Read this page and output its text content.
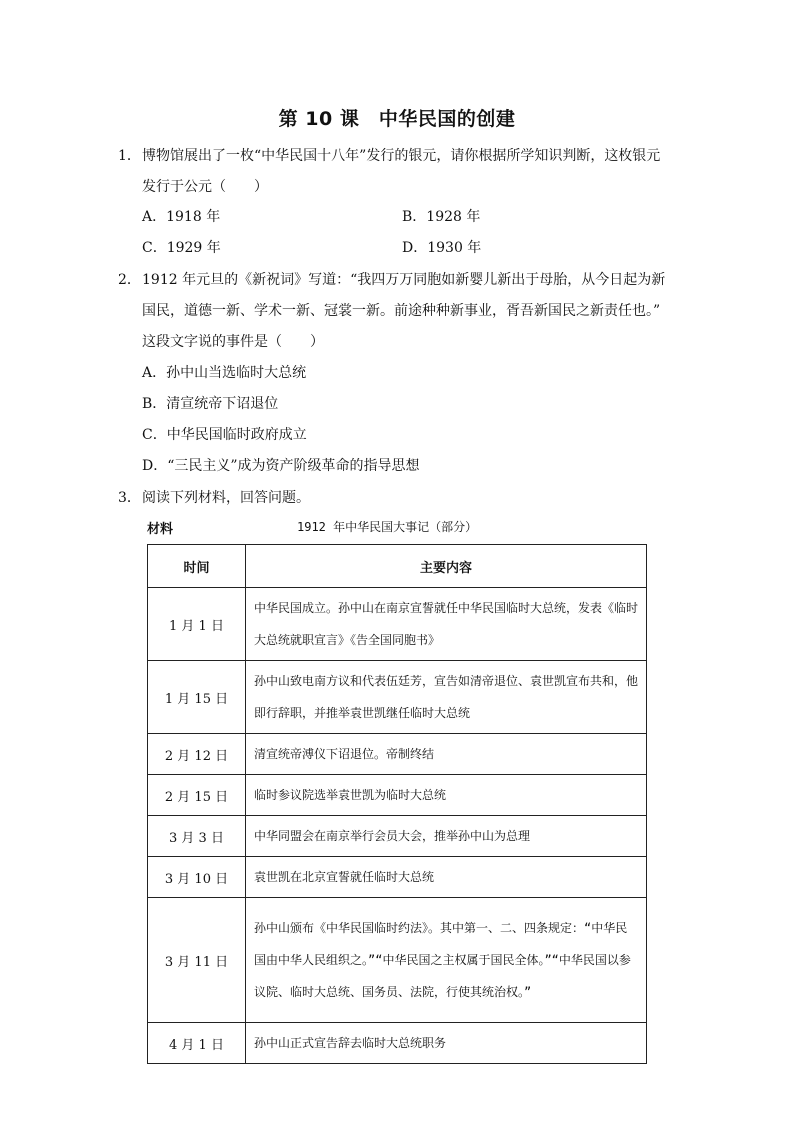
第 10 课　中华民国的创建
1． 博物馆展出了一枚“中华民国十八年”发行的银元，请你根据所学知识判断，这枚银元
发行于公元（　　）
A．1918 年	B．1928 年
C．1929 年	D．1930 年
2． 1912 年元旦的《新祝词》写道：“我四万万同胞如新婴儿新出于母胎，从今日起为新
国民，道德一新、学术一新、冠裳一新。前途种种新事业，胥吾新国民之新责任也。”
这段文字说的事件是（　　）
A．孙中山当选临时大总统
B．清宣统帝下诏退位
C．中华民国临时政府成立
D．“三民主义”成为资产阶级革命的指导思想
3． 阅读下列材料，回答问题。
材料	1912 年中华民国大事记（部分）
时间	主要内容
1 月 1 日	中华民国成立。孙中山在南京宣誓就任中华民国临时大总统，发表《临时大总统就职宣言》《告全国同胞书》
1 月 15 日	孙中山致电南方议和代表伍廷芳，宣告如清帝退位、袁世凯宣布共和，他即行辞职，并推举袁世凯继任临时大总统
2 月 12 日	清宣统帝溥仪下诏退位。帝制终结
2 月 15 日	临时参议院选举袁世凯为临时大总统
3 月 3 日	中华同盟会在南京举行会员大会，推举孙中山为总理
3 月 10 日	袁世凯在北京宣誓就任临时大总统
3 月 11 日	孙中山颁布《中华民国临时约法》。其中第一、二、四条规定：“中华民国由中华人民组织之。”“中华民国之主权属于国民全体。”“中华民国以参议院、临时大总统、国务员、法院，行使其统治权。”
4 月 1 日	孙中山正式宣告辞去临时大总统职务
